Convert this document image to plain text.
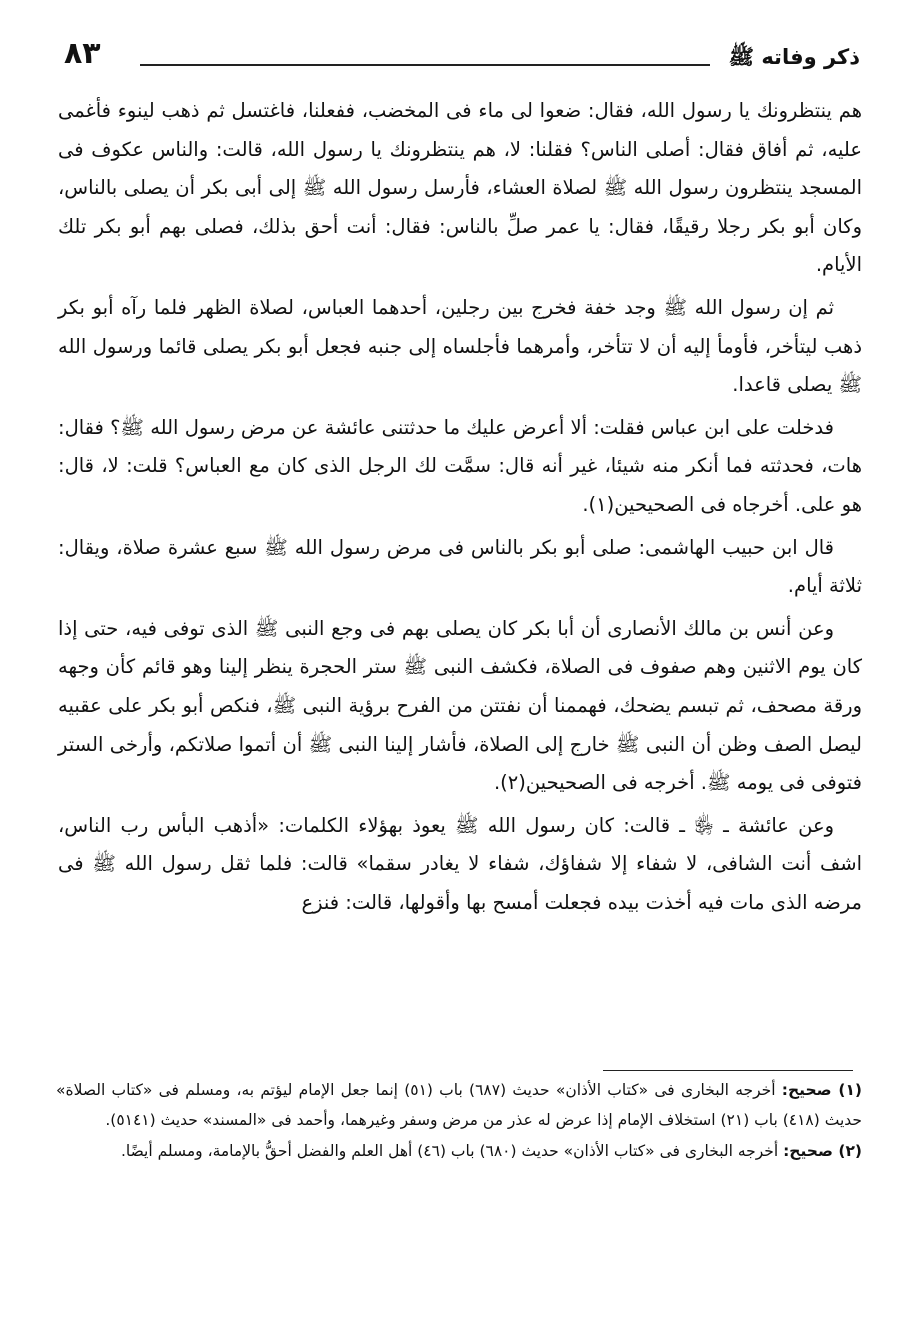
ذكر وفاته ﷺ
٨٣

هم ينتظرونك يا رسول الله، فقال: ضعوا لى ماء فى المخضب، ففعلنا، فاغتسل ثم ذهب لينوء فأغمى عليه، ثم أفاق فقال: أصلى الناس؟ فقلنا: لا، هم ينتظرونك يا رسول الله، قالت: والناس عكوف فى المسجد ينتظرون رسول الله ﷺ لصلاة العشاء، فأرسل رسول الله ﷺ إلى أبى بكر أن يصلى بالناس، وكان أبو بكر رجلا رقيقًا، فقال: يا عمر صلِّ بالناس: فقال: أنت أحق بذلك، فصلى بهم أبو بكر تلك الأيام.

ثم إن رسول الله ﷺ وجد خفة فخرج بين رجلين، أحدهما العباس، لصلاة الظهر فلما رآه أبو بكر ذهب ليتأخر، فأومأ إليه أن لا تتأخر، وأمرهما فأجلساه إلى جنبه فجعل أبو بكر يصلى قائما ورسول الله ﷺ يصلى قاعدا.

فدخلت على ابن عباس فقلت: ألا أعرض عليك ما حدثتنى عائشة عن مرض رسول الله ﷺ؟ فقال: هات، فحدثته فما أنكر منه شيئا، غير أنه قال: سمَّت لك الرجل الذى كان مع العباس؟ قلت: لا، قال: هو على. أخرجاه فى الصحيحين(١).

قال ابن حبيب الهاشمى: صلى أبو بكر بالناس فى مرض رسول الله ﷺ سبع عشرة صلاة، ويقال: ثلاثة أيام.

وعن أنس بن مالك الأنصارى أن أبا بكر كان يصلى بهم فى وجع النبى ﷺ الذى توفى فيه، حتى إذا كان يوم الاثنين وهم صفوف فى الصلاة، فكشف النبى ﷺ ستر الحجرة ينظر إلينا وهو قائم كأن وجهه ورقة مصحف، ثم تبسم يضحك، فهممنا أن نفتتن من الفرح برؤية النبى ﷺ، فنكص أبو بكر على عقبيه ليصل الصف وظن أن النبى ﷺ خارج إلى الصلاة، فأشار إلينا النبى ﷺ أن أتموا صلاتكم، وأرخى الستر فتوفى فى يومه ﷺ. أخرجه فى الصحيحين(٢).

وعن عائشة ـ ﵂ ـ قالت: كان رسول الله ﷺ يعوذ بهؤلاء الكلمات: «أذهب البأس رب الناس، اشف أنت الشافى، لا شفاء إلا شفاؤك، شفاء لا يغادر سقما» قالت: فلما ثقل رسول الله ﷺ فى مرضه الذى مات فيه أخذت بيده فجعلت أمسح بها وأقولها، قالت: فنزع

(١) صحيح: أخرجه البخارى فى «كتاب الأذان» حديث (٦٨٧) باب (٥١) إنما جعل الإمام ليؤتم به، ومسلم فى «كتاب الصلاة» حديث (٤١٨) باب (٢١) استخلاف الإمام إذا عرض له عذر من مرض وسفر وغيرهما، وأحمد فى «المسند» حديث (٥١٤١).

(٢) صحيح: أخرجه البخارى فى «كتاب الأذان» حديث (٦٨٠) باب (٤٦) أهل العلم والفضل أحقُّ بالإمامة، ومسلم أيضًا.
